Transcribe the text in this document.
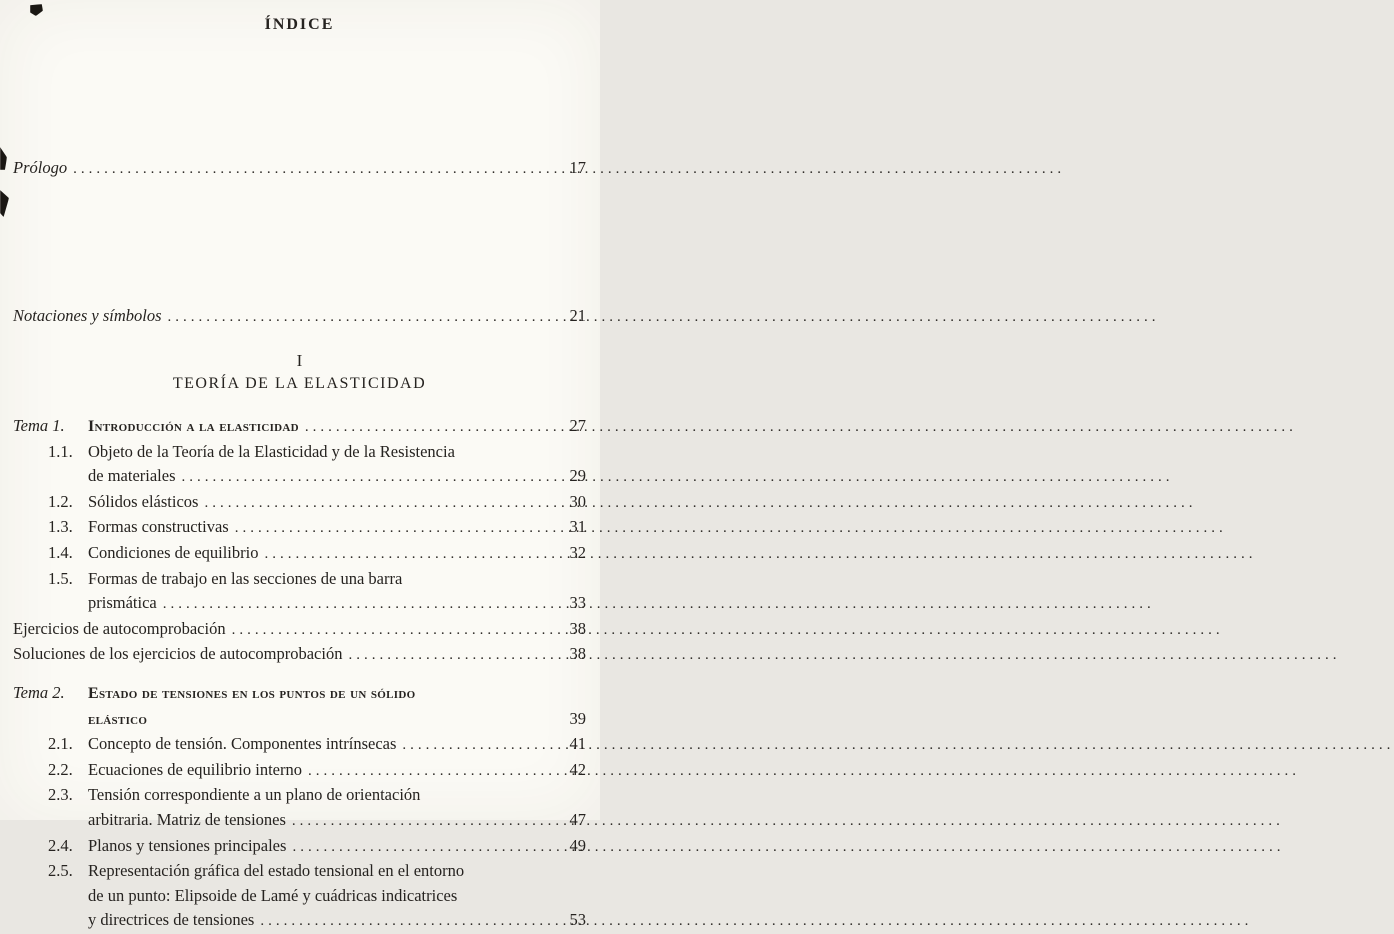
ÍNDICE
Prólogo .....	17
Notaciones y símbolos .....	21
I
TEORÍA DE LA ELASTICIDAD
Tema 1.	Introducción a la elasticidad .....	27
1.1. Objeto de la Teoría de la Elasticidad y de la Resistencia
de materiales .....	29
1.2. Sólidos elásticos .....	30
1.3. Formas constructivas .....	31
1.4. Condiciones de equilibrio .....	32
1.5. Formas de trabajo en las secciones de una barra
prismática .....	33
Ejercicios de autocomprobación .....	38
Soluciones de los ejercicios de autocomprobación .....	38
Tema 2.	Estado de tensiones en los puntos de un sólido
elástico	39
2.1. Concepto de tensión. Componentes intrínsecas .....	41
2.2. Ecuaciones de equilibrio interno .....	42
2.3. Tensión correspondiente a un plano de orientación
arbitraria. Matriz de tensiones .....	47
2.4. Planos y tensiones principales .....	49
2.5. Representación gráfica del estado tensional en el entorno
de un punto: Elipsoide de Lamé y cuádricas indicatrices
y directrices de tensiones .....	53
